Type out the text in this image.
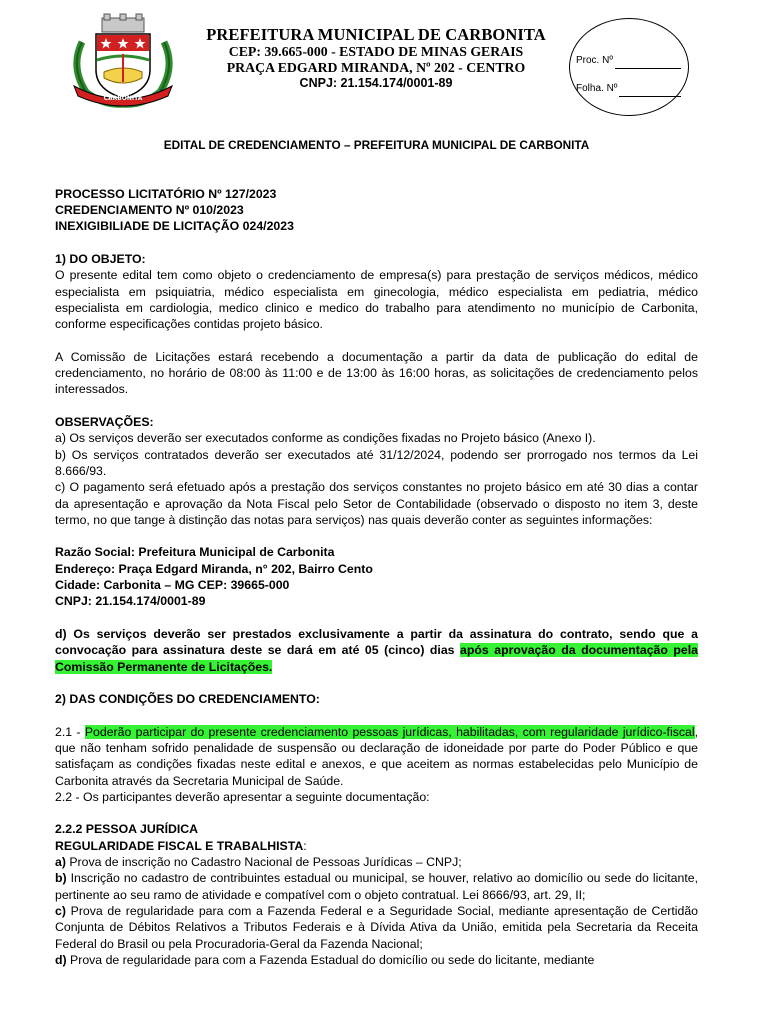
CARBONITA
PREFEITURA MUNICIPAL DE CARBONITA
CEP: 39.665-000 - ESTADO DE MINAS GERAIS
PRAÇA EDGARD MIRANDA, Nº 202 - CENTRO
CNPJ: 21.154.174/0001-89
Proc. Nº
Folha. Nº
EDITAL DE CREDENCIAMENTO – PREFEITURA MUNICIPAL DE CARBONITA
PROCESSO LICITATÓRIO Nº 127/2023
CREDENCIAMENTO Nº 010/2023
INEXIGIBILIADE DE LICITAÇÃO 024/2023
1) DO OBJETO:
O presente edital tem como objeto o credenciamento de empresa(s) para prestação de serviços médicos, médico especialista em psiquiatria, médico especialista em ginecologia, médico especialista em pediatria, médico especialista em cardiologia, medico clinico e medico do trabalho para atendimento no município de Carbonita, conforme especificações contidas projeto básico.
A Comissão de Licitações estará recebendo a documentação a partir da data de publicação do edital de credenciamento, no horário de 08:00 às 11:00 e de 13:00 às 16:00 horas, as solicitações de credenciamento pelos interessados.
OBSERVAÇÕES:
a) Os serviços deverão ser executados conforme as condições fixadas no Projeto básico (Anexo I).
b) Os serviços contratados deverão ser executados até 31/12/2024, podendo ser prorrogado nos termos da Lei 8.666/93.
c) O pagamento será efetuado após a prestação dos serviços constantes no projeto básico em até 30 dias a contar da apresentação e aprovação da Nota Fiscal pelo Setor de Contabilidade (observado o disposto no item 3, deste termo, no que tange à distinção das notas para serviços) nas quais deverão conter as seguintes informações:
Razão Social: Prefeitura Municipal de Carbonita
Endereço: Praça Edgard Miranda, n° 202, Bairro Cento
Cidade: Carbonita – MG CEP: 39665-000
CNPJ: 21.154.174/0001-89
d) Os serviços deverão ser prestados exclusivamente a partir da assinatura do contrato, sendo que a convocação para assinatura deste se dará em até 05 (cinco) dias após aprovação da documentação pela Comissão Permanente de Licitações.
2) DAS CONDIÇÕES DO CREDENCIAMENTO:
2.1 - Poderão participar do presente credenciamento pessoas jurídicas, habilitadas, com regularidade jurídico-fiscal, que não tenham sofrido penalidade de suspensão ou declaração de idoneidade por parte do Poder Público e que satisfaçam as condições fixadas neste edital e anexos, e que aceitem as normas estabelecidas pelo Município de Carbonita através da Secretaria Municipal de Saúde.
2.2 - Os participantes deverão apresentar a seguinte documentação:
2.2.2 PESSOA JURÍDICA
REGULARIDADE FISCAL E TRABALHISTA:
a) Prova de inscrição no Cadastro Nacional de Pessoas Jurídicas – CNPJ;
b) Inscrição no cadastro de contribuintes estadual ou municipal, se houver, relativo ao domicílio ou sede do licitante, pertinente ao seu ramo de atividade e compatível com o objeto contratual. Lei 8666/93, art. 29, II;
c) Prova de regularidade para com a Fazenda Federal e a Seguridade Social, mediante apresentação de Certidão Conjunta de Débitos Relativos a Tributos Federais e à Dívida Ativa da União, emitida pela Secretaria da Receita Federal do Brasil ou pela Procuradoria-Geral da Fazenda Nacional;
d) Prova de regularidade para com a Fazenda Estadual do domicílio ou sede do licitante, mediante
